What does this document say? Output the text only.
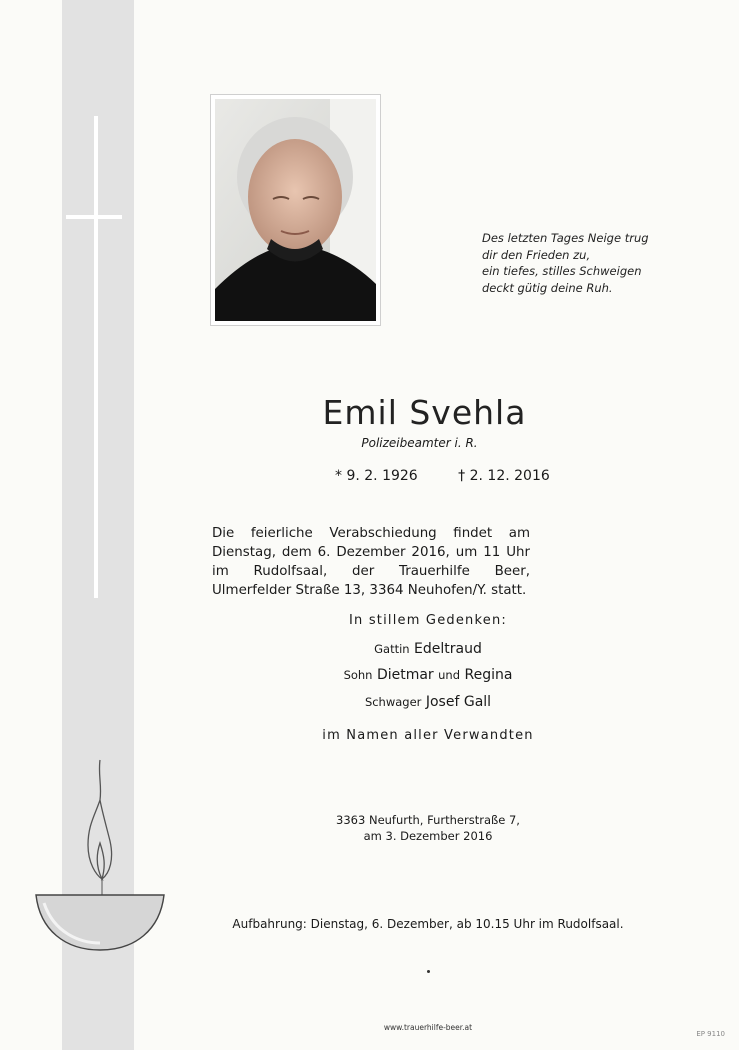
Des letzten Tages Neige trug
dir den Frieden zu,
ein tiefes, stilles Schweigen
deckt gütig deine Ruh.
Emil Svehla
Polizeibeamter i. R.
* 9. 2. 1926	† 2. 12. 2016
Die feierliche Verabschiedung findet am Dienstag, dem 6. Dezember 2016, um 11 Uhr im Rudolfsaal, der Trauerhilfe Beer, Ulmerfelder Straße 13, 3364 Neuhofen/Y. statt.
In stillem Gedenken:
Gattin Edeltraud
Sohn Dietmar und Regina
Schwager Josef Gall
im Namen aller Verwandten
3363 Neufurth, Furtherstraße 7,
am 3. Dezember 2016
Aufbahrung: Dienstag, 6. Dezember, ab 10.15 Uhr im Rudolfsaal.
www.trauerhilfe-beer.at
EP 9110
